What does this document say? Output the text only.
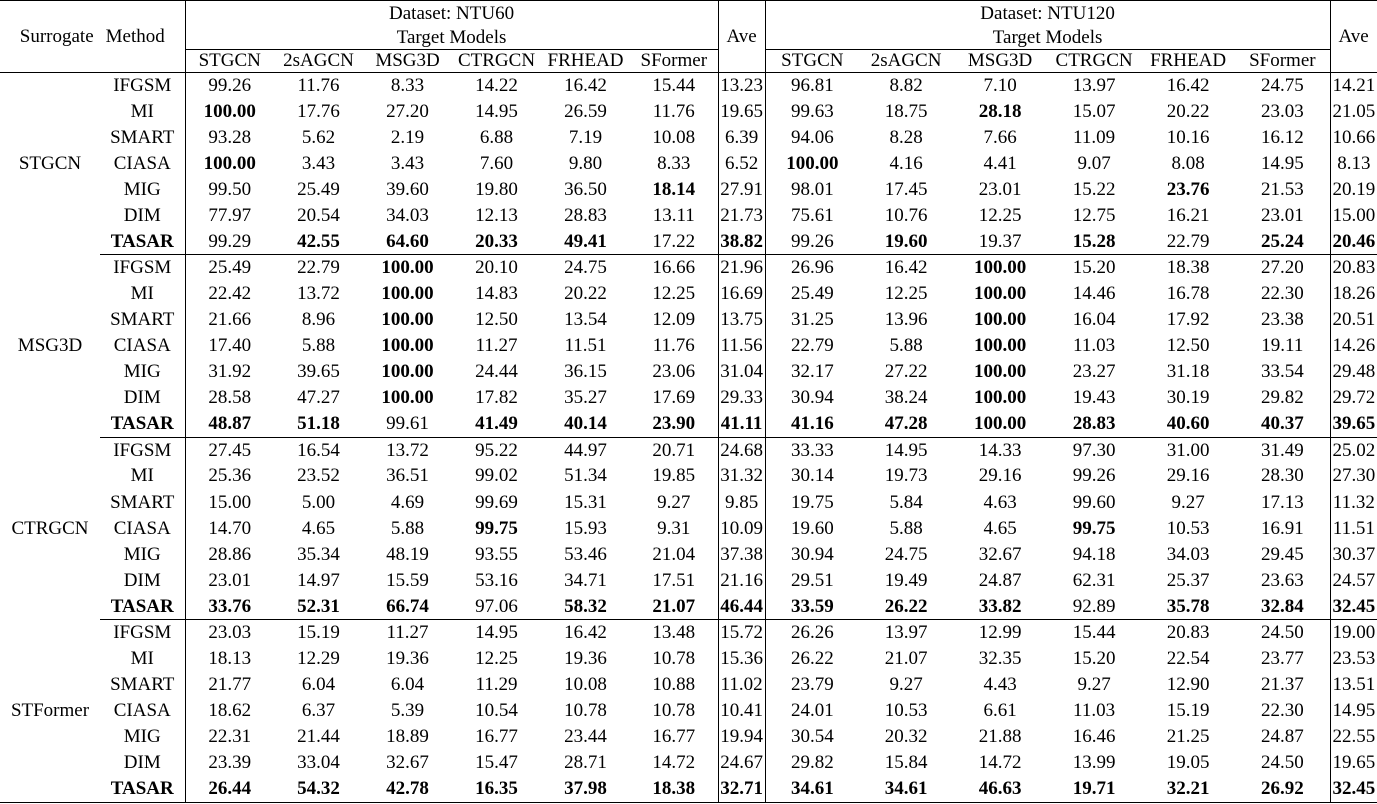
Surrogate Method		Dataset: NTU60						Ave	Dataset: NTU120						Ave
		Target Models							Target Models						
		STGCN	2sAGCN	MSG3D	CTRGCN	FRHEAD	SFormer		STGCN	2sAGCN	MSG3D	CTRGCN	FRHEAD	SFormer	
STGCN	IFGSM	99.26	11.76	8.33	14.22	16.42	15.44	13.23	96.81	8.82	7.10	13.97	16.42	24.75	14.21
	MI	100.00	17.76	27.20	14.95	26.59	11.76	19.65	99.63	18.75	28.18	15.07	20.22	23.03	21.05
	SMART	93.28	5.62	2.19	6.88	7.19	10.08	6.39	94.06	8.28	7.66	11.09	10.16	16.12	10.66
	CIASA	100.00	3.43	3.43	7.60	9.80	8.33	6.52	100.00	4.16	4.41	9.07	8.08	14.95	8.13
	MIG	99.50	25.49	39.60	19.80	36.50	18.14	27.91	98.01	17.45	23.01	15.22	23.76	21.53	20.19
	DIM	77.97	20.54	34.03	12.13	28.83	13.11	21.73	75.61	10.76	12.25	12.75	16.21	23.01	15.00
	TASAR	99.29	42.55	64.60	20.33	49.41	17.22	38.82	99.26	19.60	19.37	15.28	22.79	25.24	20.46
MSG3D	IFGSM	25.49	22.79	100.00	20.10	24.75	16.66	21.96	26.96	16.42	100.00	15.20	18.38	27.20	20.83
	MI	22.42	13.72	100.00	14.83	20.22	12.25	16.69	25.49	12.25	100.00	14.46	16.78	22.30	18.26
	SMART	21.66	8.96	100.00	12.50	13.54	12.09	13.75	31.25	13.96	100.00	16.04	17.92	23.38	20.51
	CIASA	17.40	5.88	100.00	11.27	11.51	11.76	11.56	22.79	5.88	100.00	11.03	12.50	19.11	14.26
	MIG	31.92	39.65	100.00	24.44	36.15	23.06	31.04	32.17	27.22	100.00	23.27	31.18	33.54	29.48
	DIM	28.58	47.27	100.00	17.82	35.27	17.69	29.33	30.94	38.24	100.00	19.43	30.19	29.82	29.72
	TASAR	48.87	51.18	99.61	41.49	40.14	23.90	41.11	41.16	47.28	100.00	28.83	40.60	40.37	39.65
CTRGCN	IFGSM	27.45	16.54	13.72	95.22	44.97	20.71	24.68	33.33	14.95	14.33	97.30	31.00	31.49	25.02
	MI	25.36	23.52	36.51	99.02	51.34	19.85	31.32	30.14	19.73	29.16	99.26	29.16	28.30	27.30
	SMART	15.00	5.00	4.69	99.69	15.31	9.27	9.85	19.75	5.84	4.63	99.60	9.27	17.13	11.32
	CIASA	14.70	4.65	5.88	99.75	15.93	9.31	10.09	19.60	5.88	4.65	99.75	10.53	16.91	11.51
	MIG	28.86	35.34	48.19	93.55	53.46	21.04	37.38	30.94	24.75	32.67	94.18	34.03	29.45	30.37
	DIM	23.01	14.97	15.59	53.16	34.71	17.51	21.16	29.51	19.49	24.87	62.31	25.37	23.63	24.57
	TASAR	33.76	52.31	66.74	97.06	58.32	21.07	46.44	33.59	26.22	33.82	92.89	35.78	32.84	32.45
STFormer	IFGSM	23.03	15.19	11.27	14.95	16.42	13.48	15.72	26.26	13.97	12.99	15.44	20.83	24.50	19.00
	MI	18.13	12.29	19.36	12.25	19.36	10.78	15.36	26.22	21.07	32.35	15.20	22.54	23.77	23.53
	SMART	21.77	6.04	6.04	11.29	10.08	10.88	11.02	23.79	9.27	4.43	9.27	12.90	21.37	13.51
	CIASA	18.62	6.37	5.39	10.54	10.78	10.78	10.41	24.01	10.53	6.61	11.03	15.19	22.30	14.95
	MIG	22.31	21.44	18.89	16.77	23.44	16.77	19.94	30.54	20.32	21.88	16.46	21.25	24.87	22.55
	DIM	23.39	33.04	32.67	15.47	28.71	14.72	24.67	29.82	15.84	14.72	13.99	19.05	24.50	19.65
	TASAR	26.44	54.32	42.78	16.35	37.98	18.38	32.71	34.61	34.61	46.63	19.71	32.21	26.92	32.45
